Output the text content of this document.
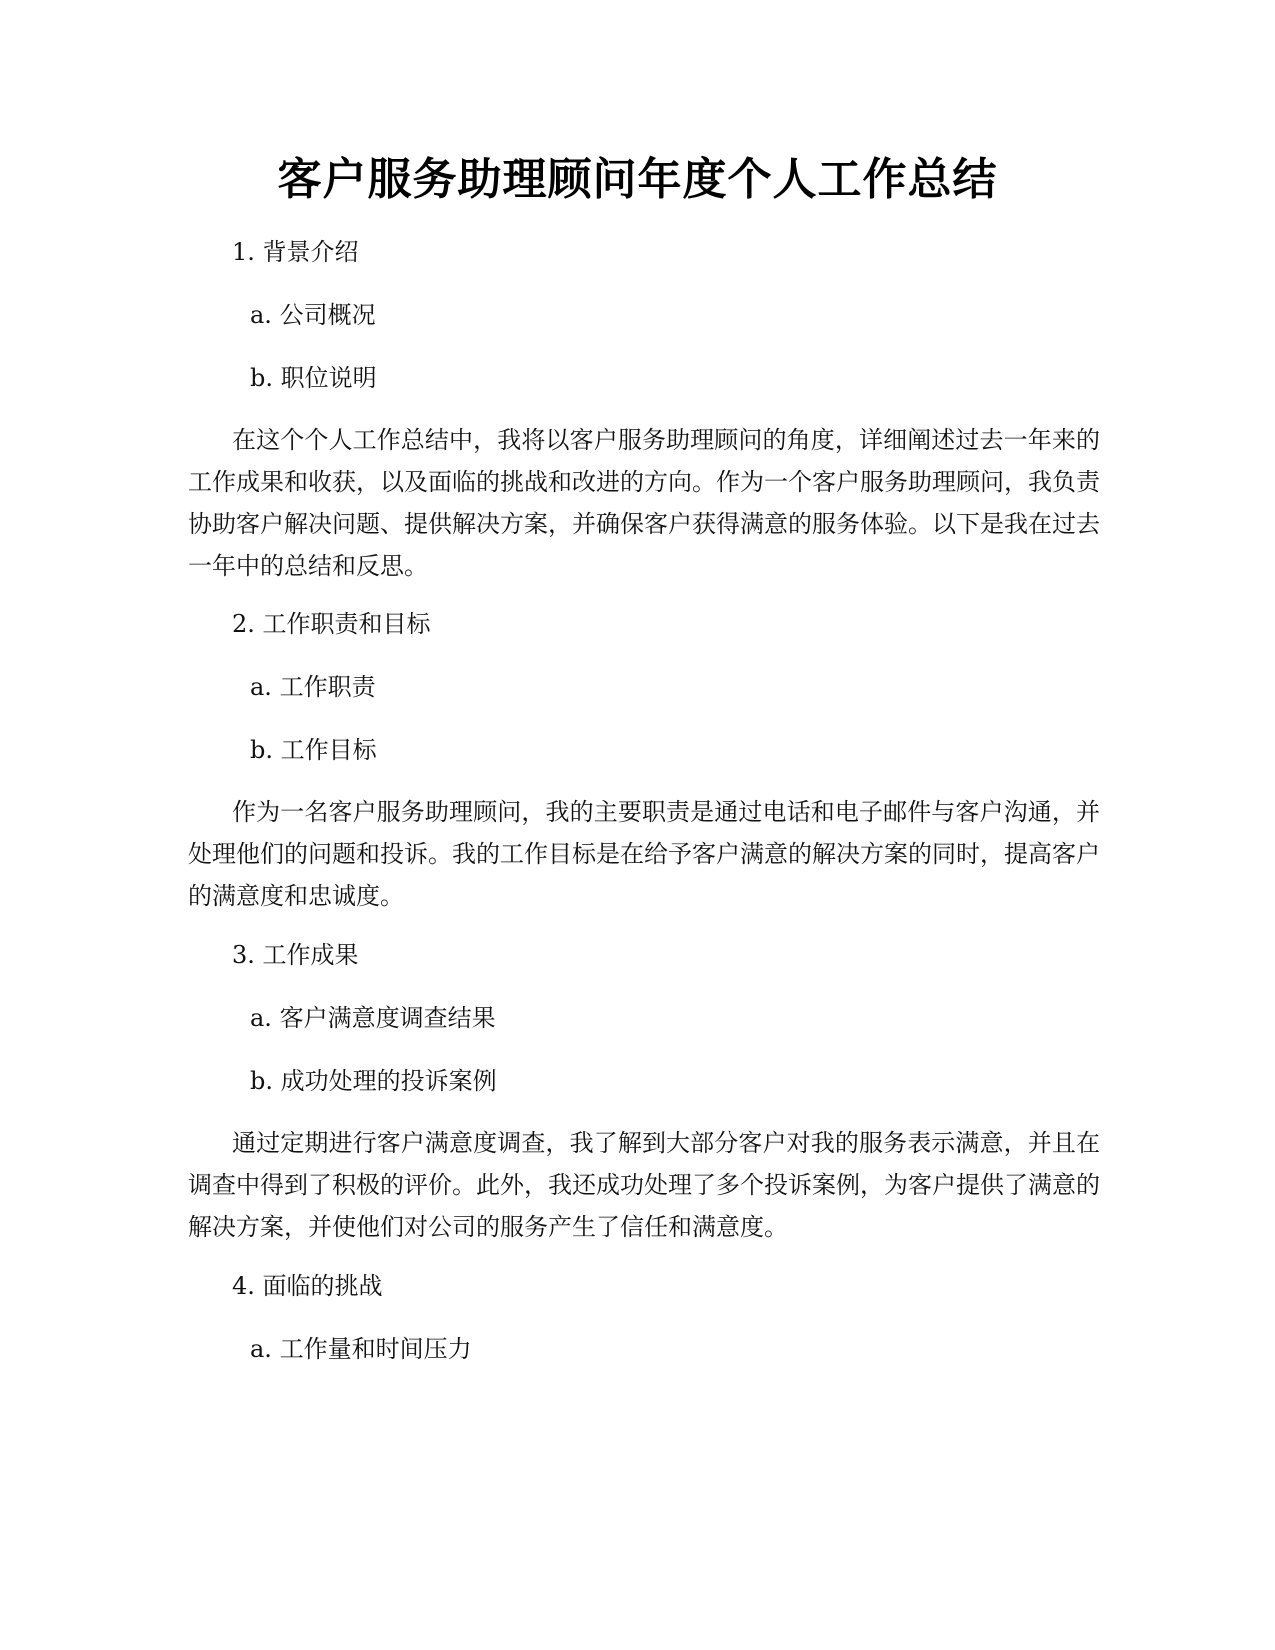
客户服务助理顾问年度个人工作总结
1. 背景介绍
a. 公司概况
b. 职位说明
在这个个人工作总结中，我将以客户服务助理顾问的角度，详细阐述过去一年来的工作成果和收获，以及面临的挑战和改进的方向。作为一个客户服务助理顾问，我负责协助客户解决问题、提供解决方案，并确保客户获得满意的服务体验。以下是我在过去一年中的总结和反思。
2. 工作职责和目标
a. 工作职责
b. 工作目标
作为一名客户服务助理顾问，我的主要职责是通过电话和电子邮件与客户沟通，并处理他们的问题和投诉。我的工作目标是在给予客户满意的解决方案的同时，提高客户的满意度和忠诚度。
3. 工作成果
a. 客户满意度调查结果
b. 成功处理的投诉案例
通过定期进行客户满意度调查，我了解到大部分客户对我的服务表示满意，并且在调查中得到了积极的评价。此外，我还成功处理了多个投诉案例，为客户提供了满意的解决方案，并使他们对公司的服务产生了信任和满意度。
4. 面临的挑战
a. 工作量和时间压力
